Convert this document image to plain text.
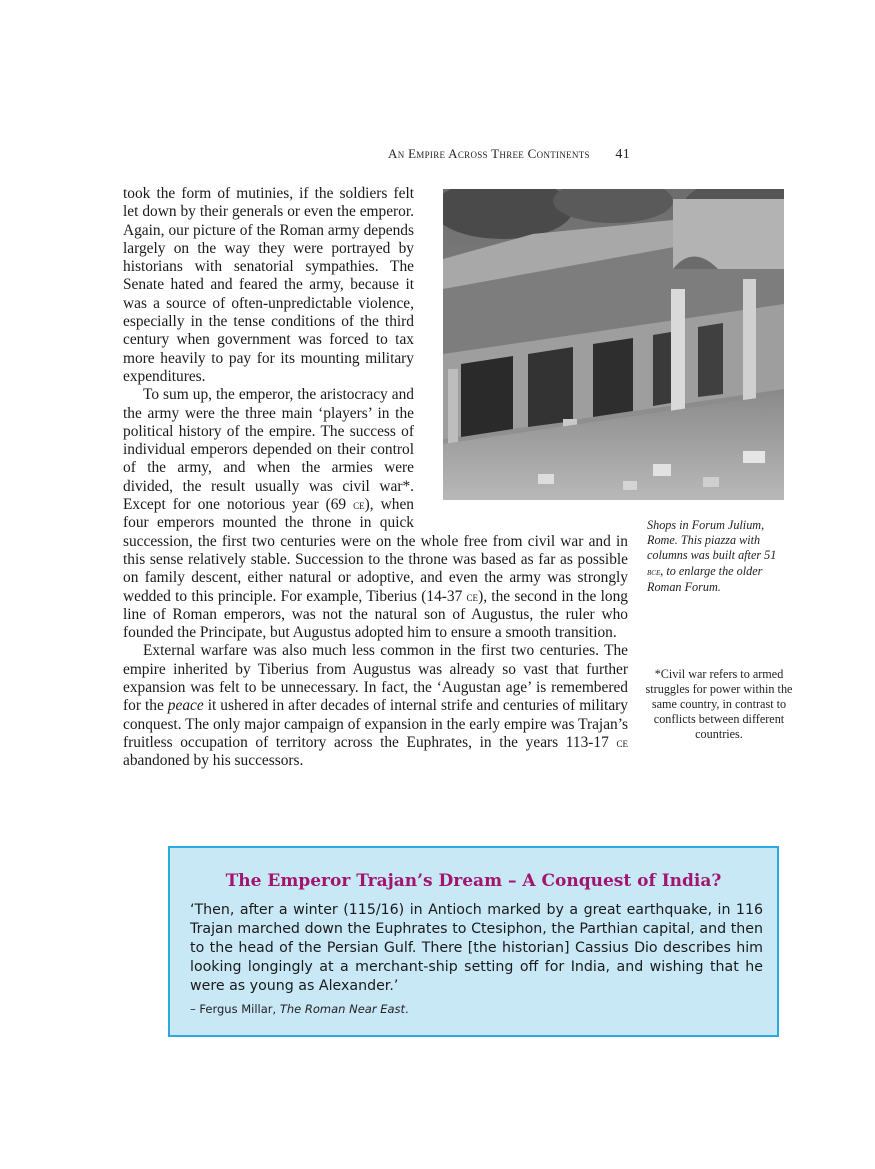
An Empire Across Three Continents 41
Shops in Forum Julium, Rome. This piazza with columns was built after 51 bce, to enlarge the older Roman Forum.
*Civil war refers to armed struggles for power within the same country, in contrast to conflicts between different countries.

took the form of mutinies, if the soldiers felt let down by their generals or even the emperor. Again, our picture of the Roman army depends largely on the way they were portrayed by historians with senatorial sympathies. The Senate hated and feared the army, because it was a source of often-unpredictable violence, especially in the tense conditions of the third century when government was forced to tax more heavily to pay for its mounting military expenditures.

To sum up, the emperor, the aristocracy and the army were the three main ‘players’ in the political history of the empire. The success of individual emperors depended on their control of the army, and when the armies were divided, the result usually was civil war*. Except for one notorious year (69 ce), when four emperors mounted the throne in quick succession, the first two centuries were on the whole free from civil war and in this sense relatively stable. Succession to the throne was based as far as possible on family descent, either natural or adoptive, and even the army was strongly wedded to this principle. For example, Tiberius (14-37 ce), the second in the long line of Roman emperors, was not the natural son of Augustus, the ruler who founded the Principate, but Augustus adopted him to ensure a smooth transition.

External warfare was also much less common in the first two centuries. The empire inherited by Tiberius from Augustus was already so vast that further expansion was felt to be unnecessary. In fact, the ‘Augustan age’ is remembered for the peace it ushered in after decades of internal strife and centuries of military conquest. The only major campaign of expansion in the early empire was Trajan’s fruitless occupation of territory across the Euphrates, in the years 113-17 ce abandoned by his successors.

The Emperor Trajan’s Dream – A Conquest of India?
‘Then, after a winter (115/16) in Antioch marked by a great earthquake, in 116 Trajan marched down the Euphrates to Ctesiphon, the Parthian capital, and then to the head of the Persian Gulf. There [the historian] Cassius Dio describes him looking longingly at a merchant-ship setting off for India, and wishing that he were as young as Alexander.’
– Fergus Millar, The Roman Near East.
